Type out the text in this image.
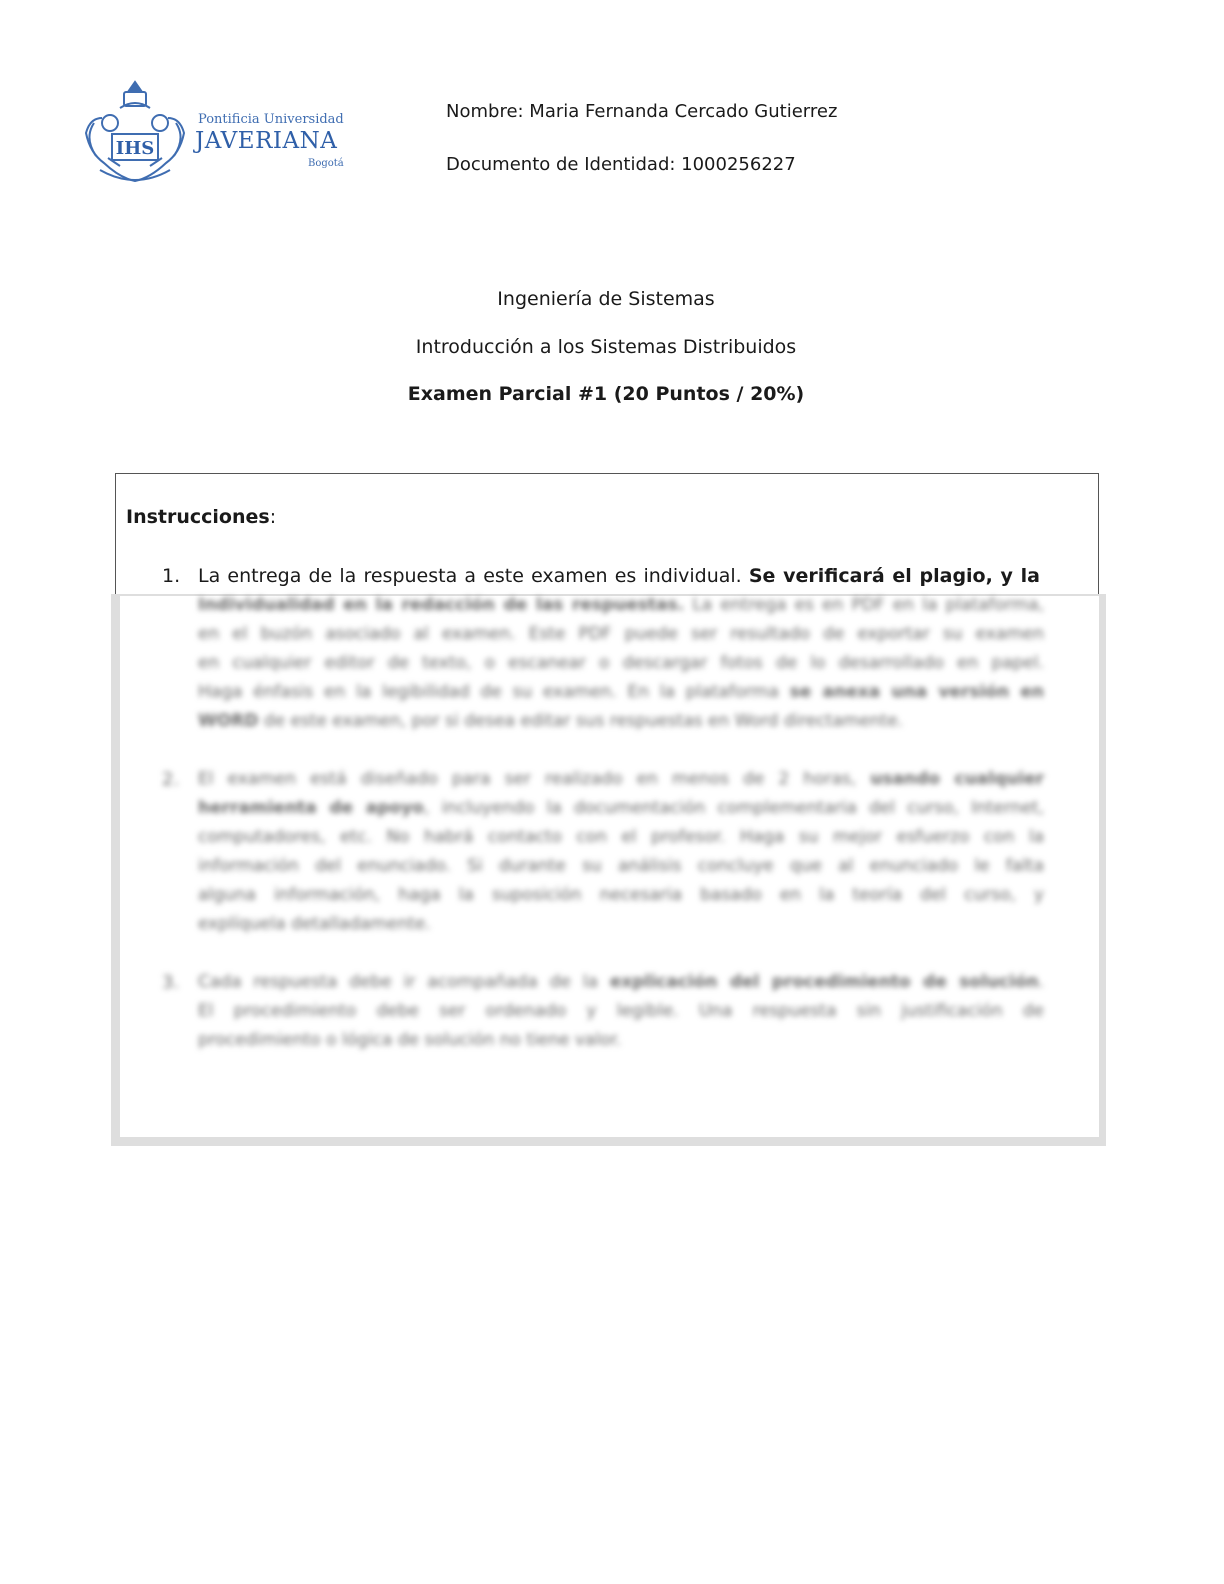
IHS
Pontificia Universidad
JAVERIANA
Bogotá
Nombre: Maria Fernanda Cercado Gutierrez
Documento de Identidad: 1000256227
Ingeniería de Sistemas
Introducción a los Sistemas Distribuidos
Examen Parcial #1 (20 Puntos / 20%)
Instrucciones:
1. La entrega de la respuesta a este examen es individual. Se verificará el plagio, y la
Individualidad en la redacción de las respuestas. La entrega es en PDF en la plataforma,
en el buzón asociado al examen. Este PDF puede ser resultado de exportar su examen
en cualquier editor de texto, o escanear o descargar fotos de lo desarrollado en papel.
Haga énfasis en la legibilidad de su examen. En la plataforma se anexa una versión en
WORD de este examen, por si desea editar sus respuestas en Word directamente.
2. El examen está diseñado para ser realizado en menos de 2 horas, usando cualquier
herramienta de apoyo, incluyendo la documentación complementaria del curso, Internet,
computadores, etc. No habrá contacto con el profesor. Haga su mejor esfuerzo con la
información del enunciado. Si durante su análisis concluye que al enunciado le falta
alguna información, haga la suposición necesaria basado en la teoría del curso, y
explíquela detalladamente.
3. Cada respuesta debe ir acompañada de la explicación del procedimiento de solución.
El procedimiento debe ser ordenado y legible. Una respuesta sin justificación de
procedimiento o lógica de solución no tiene valor.
